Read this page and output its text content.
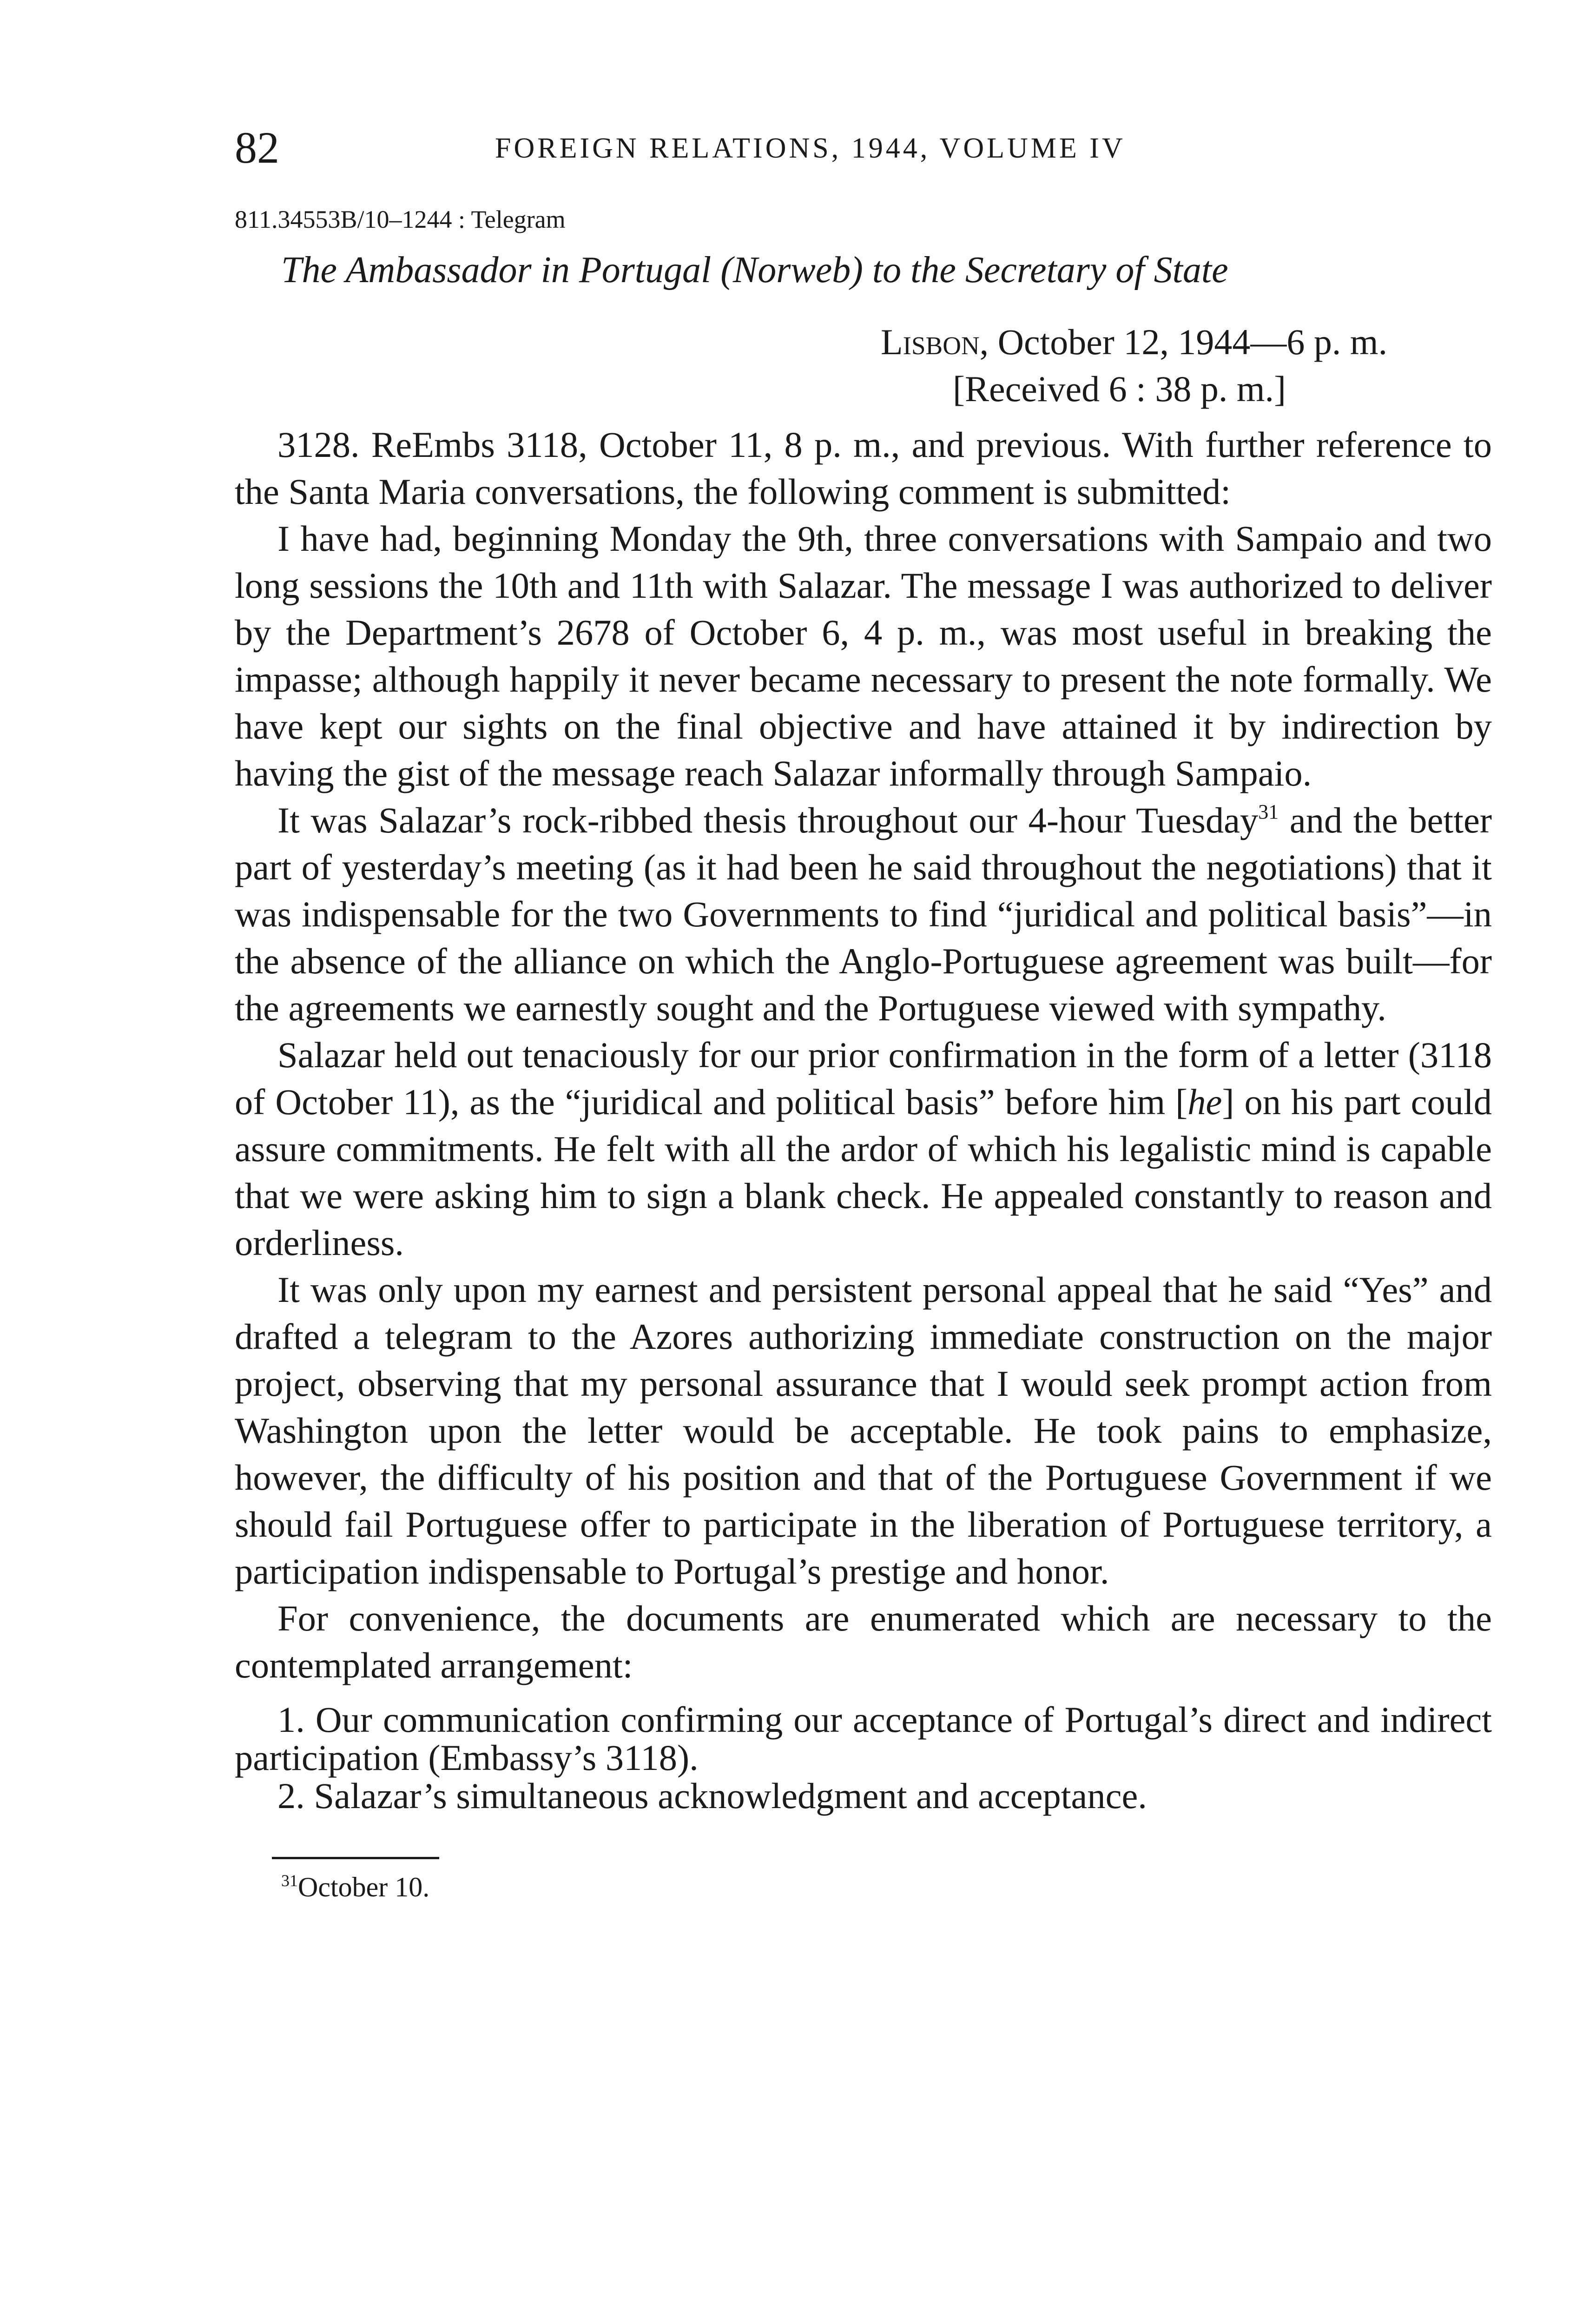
82	FOREIGN RELATIONS, 1944, VOLUME IV
811.34553B/10–1244 : Telegram
The Ambassador in Portugal (Norweb) to the Secretary of State
Lisbon, October 12, 1944—6 p. m.
[Received 6 : 38 p. m.]

3128. ReEmbs 3118, October 11, 8 p. m., and previous. With further reference to the Santa Maria conversations, the following comment is submitted:

I have had, beginning Monday the 9th, three conversations with Sampaio and two long sessions the 10th and 11th with Salazar. The message I was authorized to deliver by the Department’s 2678 of October 6, 4 p. m., was most useful in breaking the impasse; although happily it never became necessary to present the note formally. We have kept our sights on the final objective and have attained it by indirection by having the gist of the message reach Salazar informally through Sampaio.

It was Salazar’s rock-ribbed thesis throughout our 4-hour Tuesday$^{31}$ and the better part of yesterday’s meeting (as it had been he said throughout the negotiations) that it was indispensable for the two Governments to find “juridical and political basis”—in the absence of the alliance on which the Anglo-Portuguese agreement was built—for the agreements we earnestly sought and the Portuguese viewed with sympathy.

Salazar held out tenaciously for our prior confirmation in the form of a letter (3118 of October 11), as the “juridical and political basis” before him [he] on his part could assure commitments. He felt with all the ardor of which his legalistic mind is capable that we were asking him to sign a blank check. He appealed constantly to reason and orderliness.

It was only upon my earnest and persistent personal appeal that he said “Yes” and drafted a telegram to the Azores authorizing immediate construction on the major project, observing that my personal assurance that I would seek prompt action from Washington upon the letter would be acceptable. He took pains to emphasize, however, the difficulty of his position and that of the Portuguese Government if we should fail Portuguese offer to participate in the liberation of Portuguese territory, a participation indispensable to Portugal’s prestige and honor.

For convenience, the documents are enumerated which are necessary to the contemplated arrangement:

1. Our communication confirming our acceptance of Portugal’s direct and indirect participation (Embassy’s 3118).

2. Salazar’s simultaneous acknowledgment and acceptance.

$^{31}$October 10.
